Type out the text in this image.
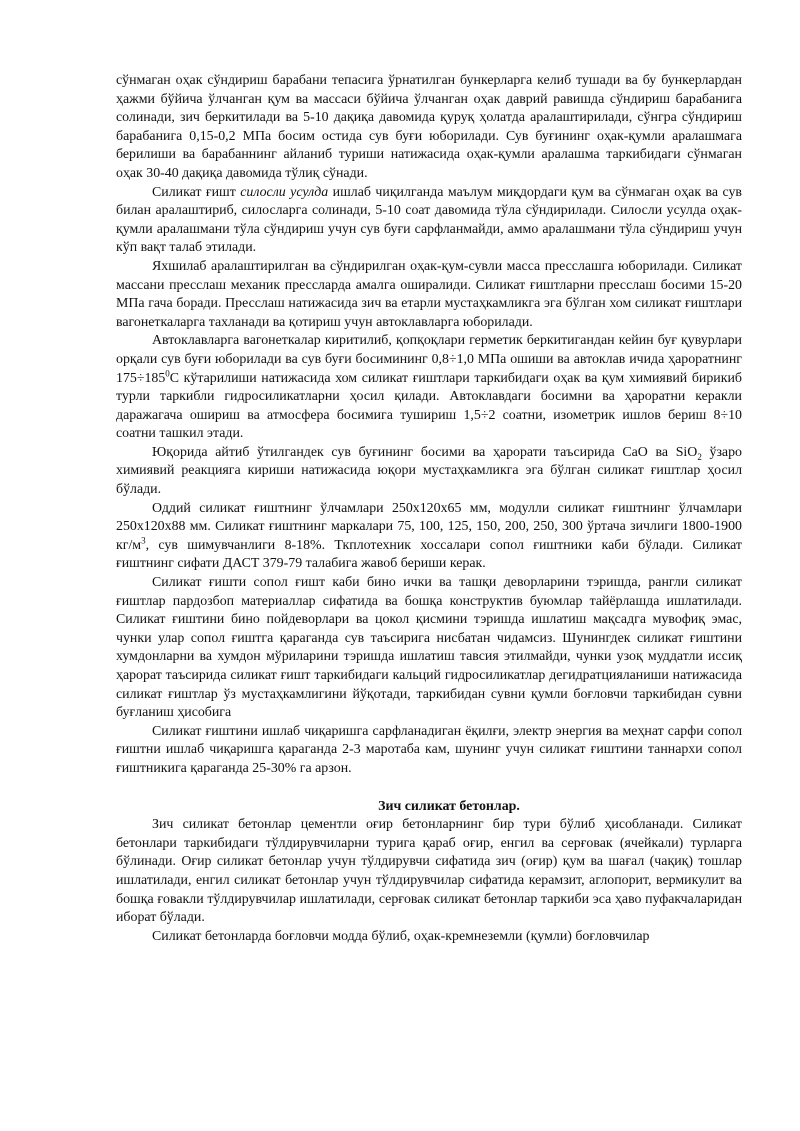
сўнмаган оҳак сўндириш барабани тепасига ўрнатилган бункерларга келиб тушади ва бу бункерлардан ҳажми бўйича ўлчанган қум ва массаси бўйича ўлчанган оҳак даврий равишда сўндириш барабанига солинади, зич беркитилади ва 5-10 дақиқа давомида қуруқ ҳолатда аралаштирилади, сўнгра сўндириш барабанига 0,15-0,2 МПа босим остида сув буғи юборилади. Сув буғининг оҳак-қумли аралашмага берилиши ва барабаннинг айланиб туриши натижасида оҳак-қумли аралашма таркибидаги сўнмаган оҳак 30-40 дақиқа давомида тўлиқ сўнади.

Силикат ғишт силосли усулда ишлаб чиқилганда маълум миқдордаги қум ва сўнмаган оҳак ва сув билан аралаштириб, силосларга солинади, 5-10 соат давомида тўла сўндирилади. Силосли усулда оҳак-қумли аралашмани тўла сўндириш учун сув буғи сарфланмайди, аммо аралашмани тўла сўндириш учун кўп вақт талаб этилади.

Яхшилаб аралаштирилган ва сўндирилган оҳак-қум-сувли масса пресслашга юборилади. Силикат массани пресслаш механик прессларда амалга оширалиди. Силикат ғиштларни пресслаш босими 15-20 МПа гача боради. Пресслаш натижасида зич ва етарли мустаҳкамликга эга бўлган хом силикат ғиштлари вагонеткаларга тахланади ва қотириш учун автоклавларга юборилади.

Автоклавларга вагонеткалар киритилиб, қопқоқлари герметик беркитигандан кейин буғ қувурлари орқали сув буғи юборилади ва сув буғи босимининг 0,8÷1,0 МПа ошиши ва автоклав ичида ҳароратнинг $175\div 185^0С$ кўтарилиши натижасида хом силикат ғиштлари таркибидаги оҳак ва қум химиявий бирикиб турли таркибли гидросиликатларни ҳосил қилади. Автоклавдаги босимни ва ҳароратни керакли даражагача ошириш ва атмосфера босимига тушириш 1,5÷2 соатни, изометрик ишлов бериш 8÷10 соатни ташкил этади.

Юқорида айтиб ўтилгандек сув буғининг босими ва ҳарорати таъсирида CaO ва SiO$_2$ ўзаро химиявий реакцияга кириши натижасида юқори мустаҳкамликга эга бўлган силикат ғиштлар ҳосил бўлади.

Оддий силикат ғиштнинг ўлчамлари 250х120х65 мм, модулли силикат ғиштнинг ўлчамлари 250х120х88 мм. Силикат ғиштнинг маркалари 75, 100, 125, 150, 200, 250, 300 ўртача зичлиги 1800-1900 $кг/м^3$, сув шимувчанлиги 8-18%. Ткплотехник хоссалари сопол ғиштники каби бўлади. Силикат ғиштнинг сифати ДАСТ 379-79 талабига жавоб бериши керак.

Силикат ғишти сопол ғишт каби бино ички ва ташқи деворларини тэришда, рангли силикат ғиштлар пардозбоп материаллар сифатида ва бошқа конструктив буюмлар тайёрлашда ишлатилади. Силикат ғиштини бино пойдеворлари ва цокол қисмини тэришда ишлатиш мақсадга мувофиқ эмас, чунки улар сопол ғиштга қараганда сув таъсирига нисбатан чидамсиз. Шунингдек силикат ғиштини хумдонларни ва хумдон мўриларини тэришда ишлатиш тавсия этилмайди, чунки узоқ муддатли иссиқ ҳарорат таъсирида силикат ғишт таркибидаги кальций гидросиликатлар дегидратцияланиши натижасида силикат ғиштлар ўз мустаҳкамлигини йўқотади, таркибидан сувни қумли боғловчи таркибидан сувни буғланиш ҳисобига

Силикат ғиштини ишлаб чиқаришга сарфланадиган ёқилғи, электр энергия ва меҳнат сарфи сопол ғиштни ишлаб чиқаришга қараганда 2-3 маротаба кам, шунинг учун силикат ғиштини таннархи сопол ғиштникига қараганда 25-30% га арзон.

Зич силикат бетонлар.

Зич силикат бетонлар цементли оғир бетонларнинг бир тури бўлиб ҳисобланади. Силикат бетонлари таркибидаги тўлдирувчиларни турига қараб оғир, енгил ва серғовак (ячейкали) турларга бўлинади. Оғир силикат бетонлар учун тўлдирувчи сифатида зич (оғир) қум ва шағал (чақиқ) тошлар ишлатилади, енгил силикат бетонлар учун тўлдирувчилар сифатида керамзит, аглопорит, вермикулит ва бошқа ғовакли тўлдирувчилар ишлатилади, серғовак силикат бетонлар таркиби эса ҳаво пуфакчаларидан иборат бўлади.

Силикат бетонларда боғловчи модда бўлиб, оҳак-кремнеземли (қумли) боғловчилар
